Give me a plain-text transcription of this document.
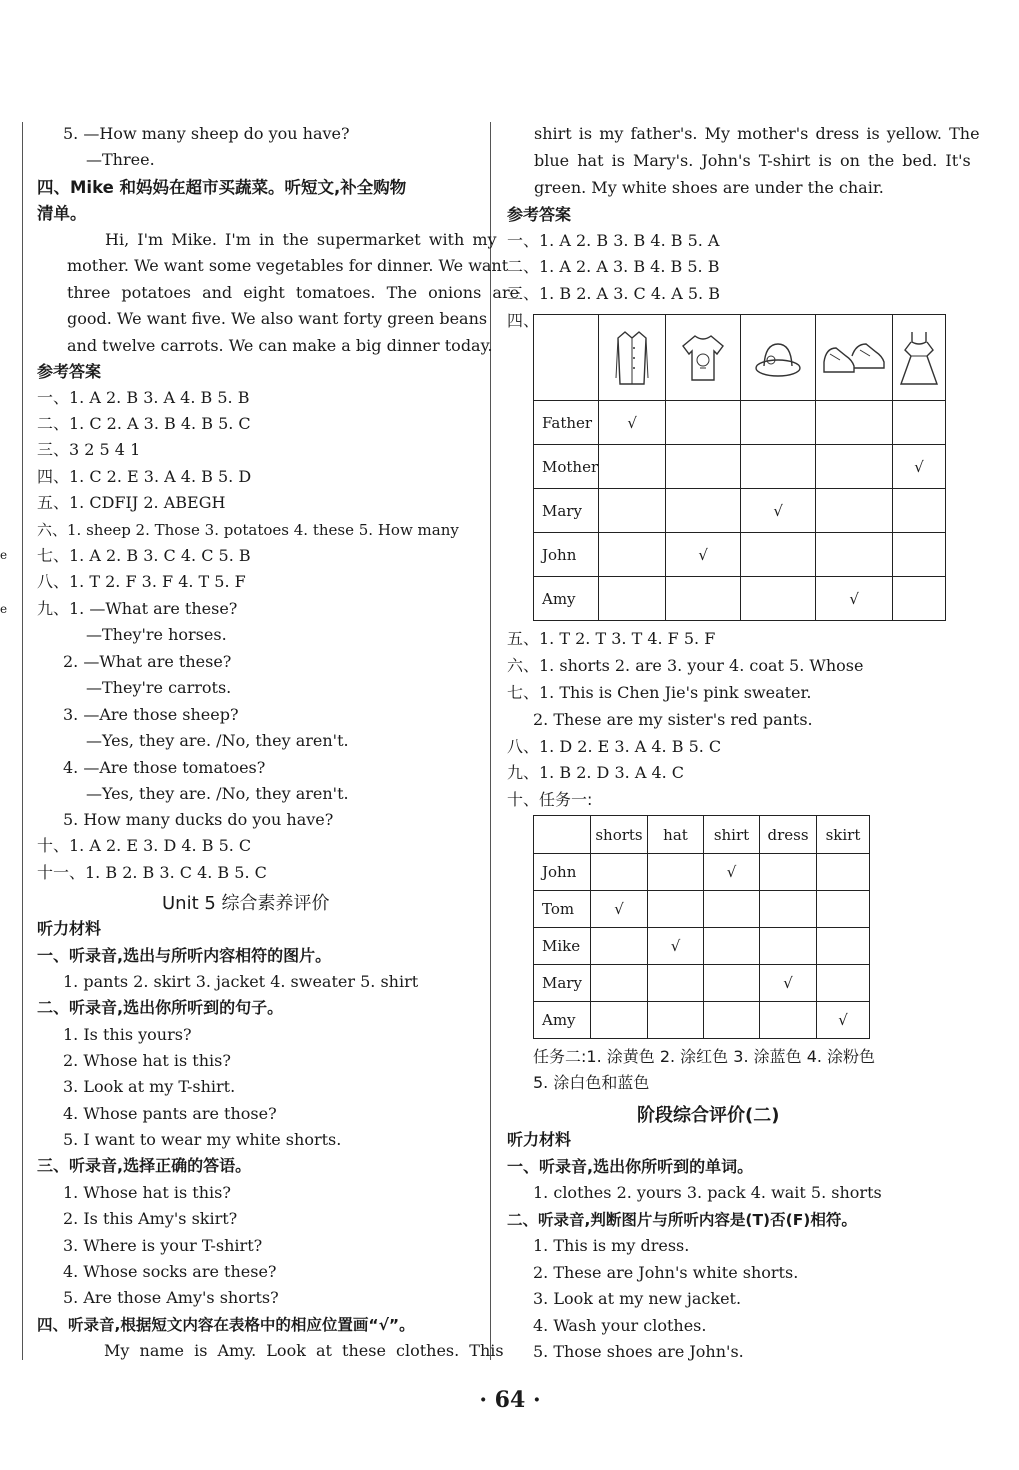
e
e
5. —How many sheep do you have?
—Three.
四、Mike 和妈妈在超市买蔬菜。听短文,补全购物
清单。
Hi, I'm Mike. I'm in the supermarket with my
mother. We want some vegetables for dinner. We want
three potatoes and eight tomatoes. The onions are
good. We want five. We also want forty green beans
and twelve carrots. We can make a big dinner today.
参考答案
一、1. A 2. B 3. A 4. B 5. B
二、1. C 2. A 3. B 4. B 5. C
三、3 2 5 4 1
四、1. C 2. E 3. A 4. B 5. D
五、1. CDFIJ 2. ABEGH
六、1. sheep 2. Those 3. potatoes 4. these 5. How many
七、1. A 2. B 3. C 4. C 5. B
八、1. T 2. F 3. F 4. T 5. F
九、1. —What are these?
—They're horses.
2. —What are these?
—They're carrots.
3. —Are those sheep?
—Yes, they are. /No, they aren't.
4. —Are those tomatoes?
—Yes, they are. /No, they aren't.
5. How many ducks do you have?
十、1. A 2. E 3. D 4. B 5. C
十一、1. B 2. B 3. C 4. B 5. C
Unit 5 综合素养评价
听力材料
一、听录音,选出与所听内容相符的图片。
1. pants 2. skirt 3. jacket 4. sweater 5. shirt
二、听录音,选出你所听到的句子。
1. Is this yours?
2. Whose hat is this?
3. Look at my T-shirt.
4. Whose pants are those?
5. I want to wear my white shorts.
三、听录音,选择正确的答语。
1. Whose hat is this?
2. Is this Amy's skirt?
3. Where is your T-shirt?
4. Whose socks are these?
5. Are those Amy's shorts?
四、听录音,根据短文内容在表格中的相应位置画“√”。
My name is Amy. Look at these clothes. This
shirt is my father's. My mother's dress is yellow. The
blue hat is Mary's. John's T-shirt is on the bed. It's
green. My white shoes are under the chair.
参考答案
一、1. A 2. B 3. B 4. B 5. A
二、1. A 2. A 3. B 4. B 5. B
三、1. B 2. A 3. C 4. A 5. B
四、

Father	√				
Mother					√
Mary			√		
John		√			
Amy				√	
五、1. T 2. T 3. T 4. F 5. F
六、1. shorts 2. are 3. your 4. coat 5. Whose
七、1. This is Chen Jie's pink sweater.
2. These are my sister's red pants.
八、1. D 2. E 3. A 4. B 5. C
九、1. B 2. D 3. A 4. C
十、任务一:
	shorts	hat	shirt	dress	skirt
John			√		
Tom	√				
Mike		√			
Mary				√	
Amy					√
任务二:1. 涂黄色 2. 涂红色 3. 涂蓝色 4. 涂粉色
5. 涂白色和蓝色
阶段综合评价(二)
听力材料
一、听录音,选出你所听到的单词。
1. clothes 2. yours 3. pack 4. wait 5. shorts
二、听录音,判断图片与所听内容是(T)否(F)相符。
1. This is my dress.
2. These are John's white shorts.
3. Look at my new jacket.
4. Wash your clothes.
5. Those shoes are John's.
· 64 ·
